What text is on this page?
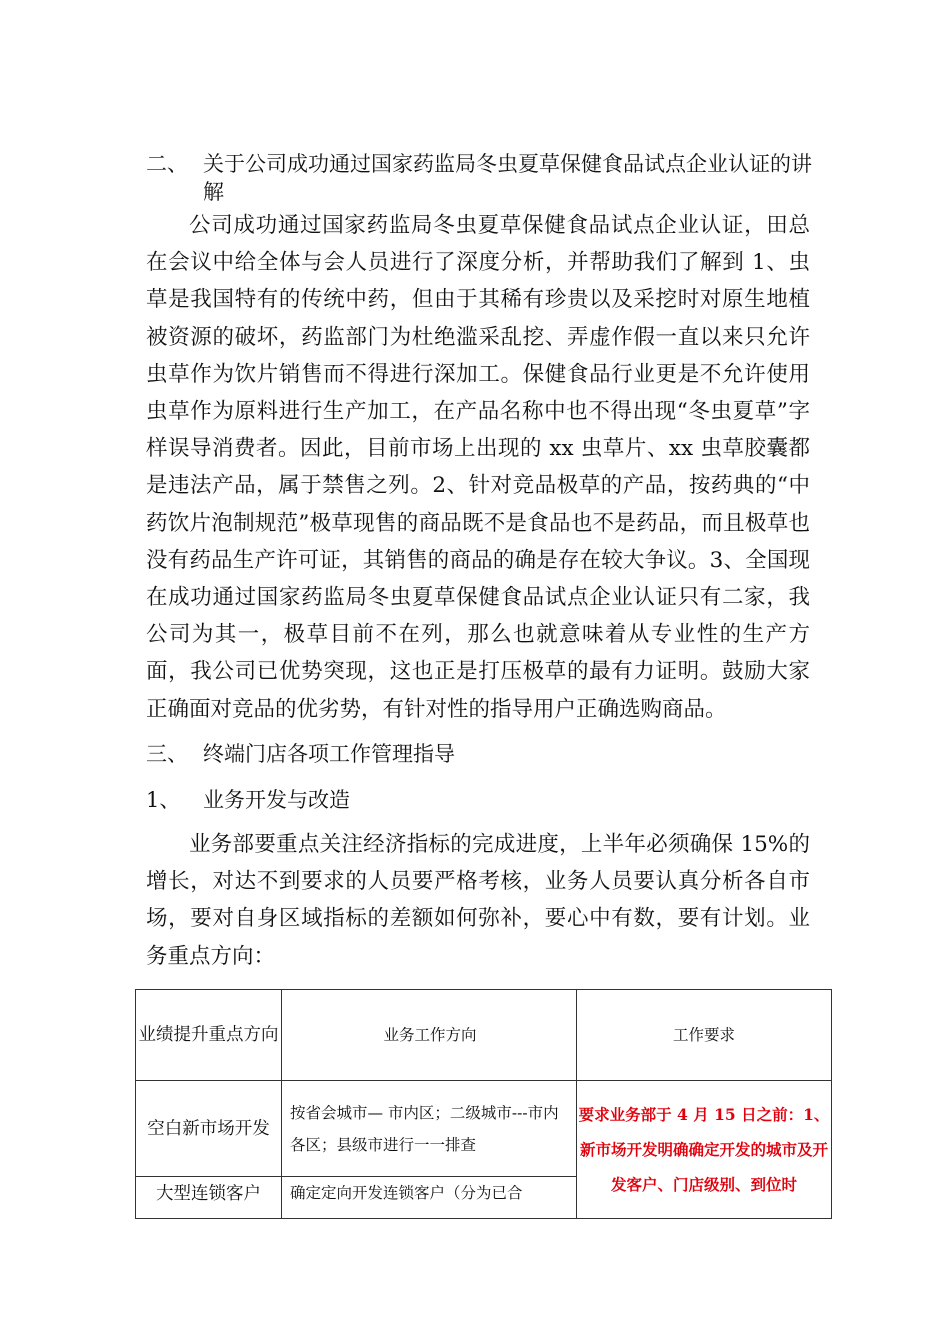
二、 关于公司成功通过国家药监局冬虫夏草保健食品试点企业认证的讲解

公司成功通过国家药监局冬虫夏草保健食品试点企业认证，田总在会议中给全体与会人员进行了深度分析，并帮助我们了解到 1、虫草是我国特有的传统中药，但由于其稀有珍贵以及采挖时对原生地植被资源的破坏，药监部门为杜绝滥采乱挖、弄虚作假一直以来只允许虫草作为饮片销售而不得进行深加工。保健食品行业更是不允许使用虫草作为原料进行生产加工，在产品名称中也不得出现“冬虫夏草”字样误导消费者。因此，目前市场上出现的 xx 虫草片、xx 虫草胶囊都是违法产品，属于禁售之列。2、针对竞品极草的产品，按药典的“中药饮片泡制规范”极草现售的商品既不是食品也不是药品，而且极草也没有药品生产许可证，其销售的商品的确是存在较大争议。3、全国现在成功通过国家药监局冬虫夏草保健食品试点企业认证只有二家，我公司为其一，极草目前不在列，那么也就意味着从专业性的生产方面，我公司已优势突现，这也正是打压极草的最有力证明。鼓励大家正确面对竞品的优劣势，有针对性的指导用户正确选购商品。

三、 终端门店各项工作管理指导
1、 业务开发与改造

业务部要重点关注经济指标的完成进度，上半年必须确保 15%的增长，对达不到要求的人员要严格考核，业务人员要认真分析各自市场，要对自身区域指标的差额如何弥补，要心中有数，要有计划。业务重点方向：

业绩提升重点方向	业务工作方向	工作要求
空白新市场开发	按省会城市— 市内区；二级城市---市内各区；县级市进行一一排查	要求业务部于 4 月 15 日之前：1、新市场开发明确确定开发的城市及开发客户、门店级别、到位时
大型连锁客户	确定定向开发连锁客户（分为已合	
